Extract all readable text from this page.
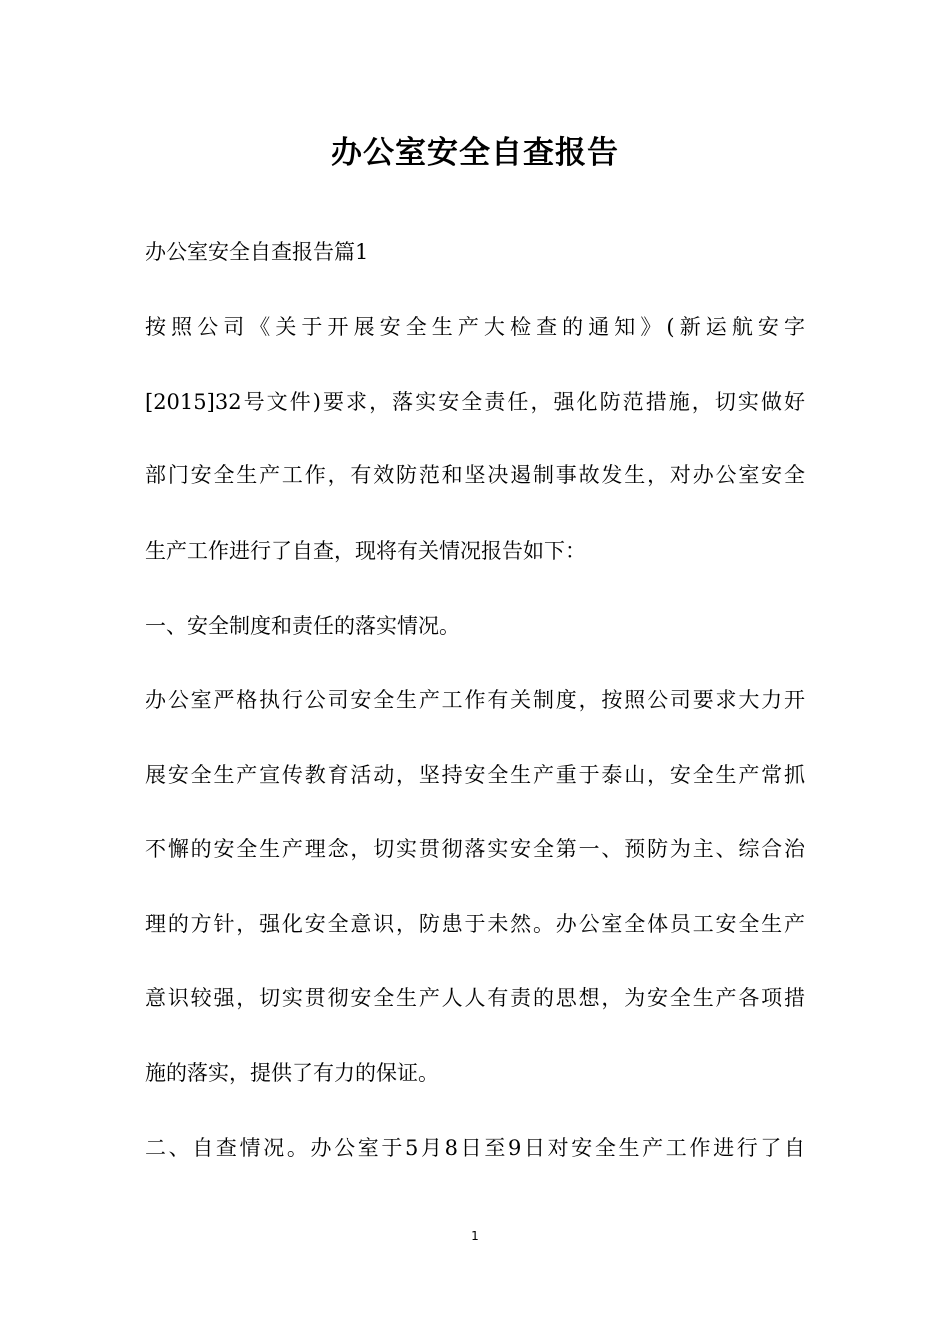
办公室安全自查报告
办公室安全自查报告篇1
按照公司《关于开展安全生产大检查的通知》(新运航安字
[2015]32号文件)要求，落实安全责任，强化防范措施，切实做好
部门安全生产工作，有效防范和坚决遏制事故发生，对办公室安全
生产工作进行了自查，现将有关情况报告如下：
一、安全制度和责任的落实情况。
办公室严格执行公司安全生产工作有关制度，按照公司要求大力开
展安全生产宣传教育活动，坚持安全生产重于泰山，安全生产常抓
不懈的安全生产理念，切实贯彻落实安全第一、预防为主、综合治
理的方针，强化安全意识，防患于未然。办公室全体员工安全生产
意识较强，切实贯彻安全生产人人有责的思想，为安全生产各项措
施的落实，提供了有力的保证。
二、自查情况。办公室于5月8日至9日对安全生产工作进行了自
1
